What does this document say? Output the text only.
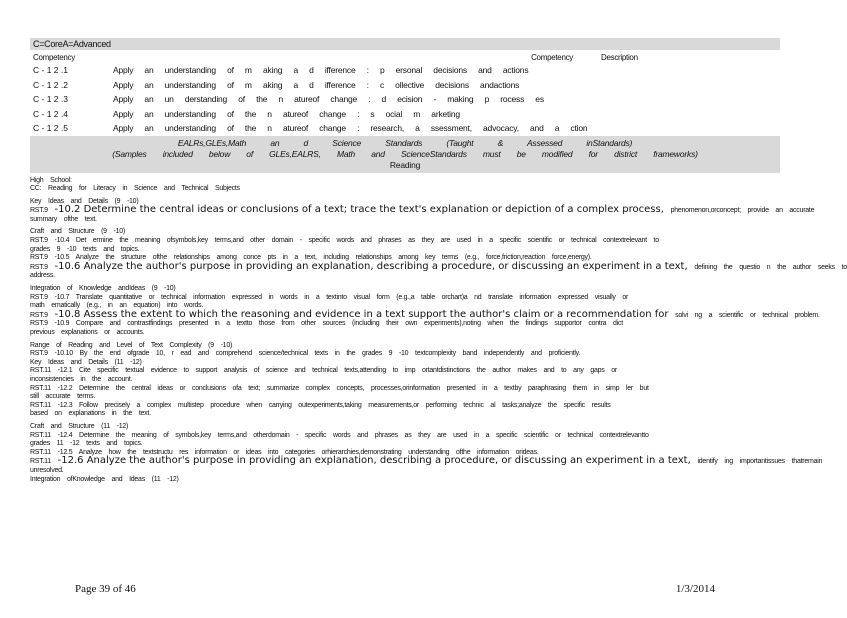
C=CoreA=Advanced
Competency	Competency	Description
C - 1 2 .1	Apply an understanding of m aking a d ifference : p ersonal decisions and actions
C - 1 2 .2	Apply an understanding of m aking a d ifference : c ollective decisions andactions
C - 1 2 .3	Apply an un derstanding of the n atureof change : d ecision - making p rocess es
C - 1 2 .4	Apply an understanding of the n atureof change : s ocial m arketing
C - 1 2 .5	Apply an understanding of the n atureof change : research, a ssessment, advocacy, and a ction
EALRs,GLEs,Math an d Science Standards (Taught & Assessed inStandards)
(Samples included below of GLEs,EALRS, Math and ScienceStandards must be modified for district frameworks)
Reading
High School:
CC: Reading for Literacy in Science and Technical Subjects
Key Ideas and Details (9 -10)
RST.9 -10.2 Determine the central ideas or conclusions of a text; trace the text's explanation or depiction of a complex process, phenomenon,orconcept; provide an accurate
summary ofthe text.
Craft and Structure (9 -10)
RST.9 -10.4 Det ermine the meaning ofsymbols,key terms,and other domain - specific words and phrases as they are used in a specific scientific or technical contextrelevant to
grades 9 -10 texts and topics.
RST.9 -10.5 Analyze the structure ofthe relationships among conce pts in a text, including relationships among key terms (e.g., force,friction,reaction force,energy).
RST.9 -10.6 Analyze the author's purpose in providing an explanation, describing a procedure, or discussing an experiment in a text, defining the questio n the author seeks to
address.
Integration of Knowledge andIdeas (9 -10)
RST.9 -10.7 Translate quantitative or technical information expressed in words in a textinto visual form (e.g.,a table orchart)a nd translate information expressed visually or
math ematically (e.g., in an equation) into words.
RST.9 -10.8 Assess the extent to which the reasoning and evidence in a text support the author's claim or a recommendation for solvi ng a scientific or technical problem.
RST.9 -10.9 Compare and contrastfindings presented in a textto those from other sources (including their own experiments),noting when the findings supportor contra dict
previous explanations or accounts.
Range of Reading and Level of Text Complexity (9 -10)
RST.9 -10.10 By the end ofgrade 10, r ead and comprehend science/technical texts in the grades 9 -10 textcomplexity band independently and proficiently.
Key Ideas and Details (11 -12)
RST.11 -12.1 Cite specific textual evidence to support analysis of science and technical texts,attending to imp ortantdistinctions the author makes and to any gaps or
inconsistencies in the account.
RST.11 -12.2 Determine the central ideas or conclusions ofa text; summarize complex concepts, processes,orinformation presented in a textby paraphrasing them in simp ler but
still accurate terms.
RST.11 -12.3 Follow precisely a complex multistep procedure when carrying outexperiments,taking measurements,or performing technic al tasks;analyze the specific results
based on explanations in the text.
Craft and Structure (11 -12)
RST.11 -12.4 Determine the meaning of symbols,key terms,and otherdomain - specific words and phrases as they are used in a specific scientific or technical contextrelevantto
grades 11 -12 texts and topics.
RST.11 -12.5 Analyze how the textstructu res information or ideas into categories orhierarchies,demonstrating understanding ofthe information orideas.
RST.11 -12.6 Analyze the author's purpose in providing an explanation, describing a procedure, or discussing an experiment in a text, identify ing importantissues thatremain
unresolved.
Integration ofKnowledge and Ideas (11 -12)
Page 39 of 46	1/3/2014
